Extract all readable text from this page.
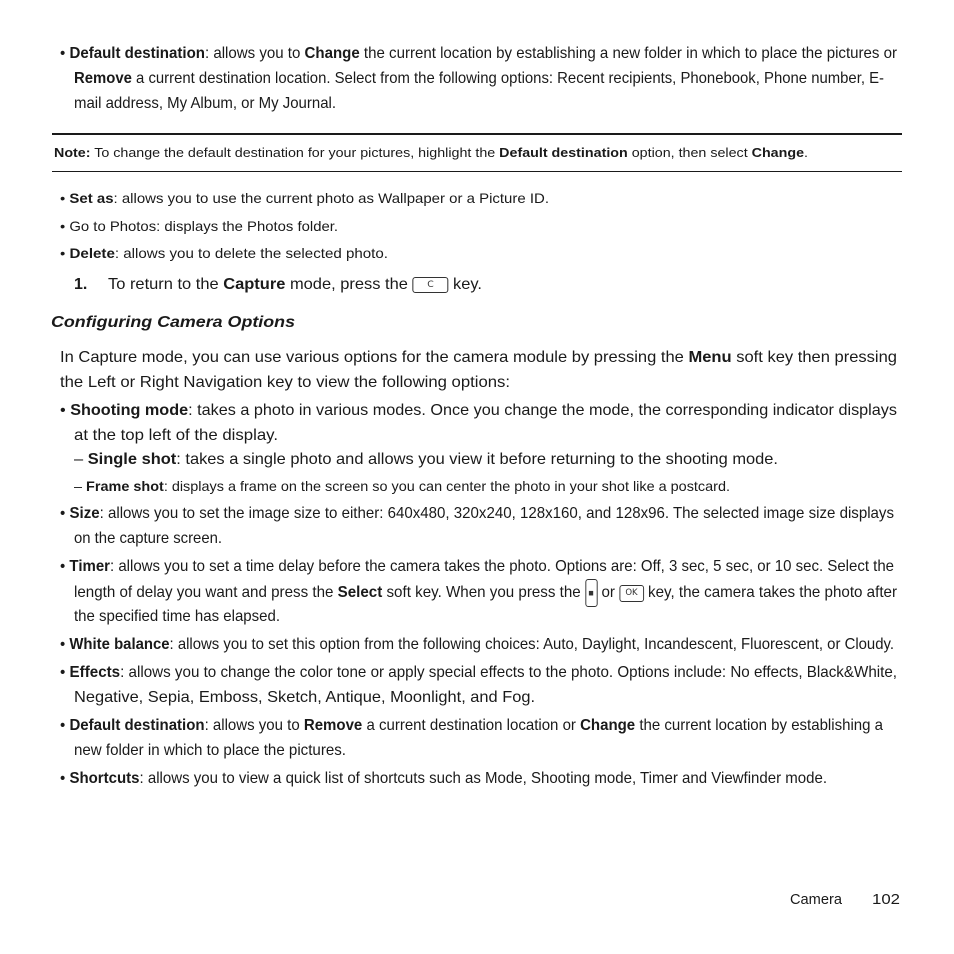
• Default destination: allows you to Change the current location by establishing a new folder in which to place the pictures or
Remove a current destination location. Select from the following options: Recent recipients, Phonebook, Phone number, E-
mail address, My Album, or My Journal.
Note: To change the default destination for your pictures, highlight the Default destination option, then select Change.
• Set as: allows you to use the current photo as Wallpaper or a Picture ID.
• Go to Photos: displays the Photos folder.
• Delete: allows you to delete the selected photo.
1. To return to the Capture mode, press the C key.
Configuring Camera Options
In Capture mode, you can use various options for the camera module by pressing the Menu soft key then pressing
the Left or Right Navigation key to view the following options:
• Shooting mode: takes a photo in various modes. Once you change the mode, the corresponding indicator displays
at the top left of the display.
– Single shot: takes a single photo and allows you view it before returning to the shooting mode.
– Frame shot: displays a frame on the screen so you can center the photo in your shot like a postcard.
• Size: allows you to set the image size to either: 640x480, 320x240, 128x160, and 128x96. The selected image size displays
on the capture screen.
• Timer: allows you to set a time delay before the camera takes the photo. Options are: Off, 3 sec, 5 sec, or 10 sec. Select the
length of delay you want and press the Select soft key. When you press the ◼ or OK key, the camera takes the photo after
the specified time has elapsed.
• White balance: allows you to set this option from the following choices: Auto, Daylight, Incandescent, Fluorescent, or Cloudy.
• Effects: allows you to change the color tone or apply special effects to the photo. Options include: No effects, Black&White,
Negative, Sepia, Emboss, Sketch, Antique, Moonlight, and Fog.
• Default destination: allows you to Remove a current destination location or Change the current location by establishing a
new folder in which to place the pictures.
• Shortcuts: allows you to view a quick list of shortcuts such as Mode, Shooting mode, Timer and Viewfinder mode.
Camera 102
